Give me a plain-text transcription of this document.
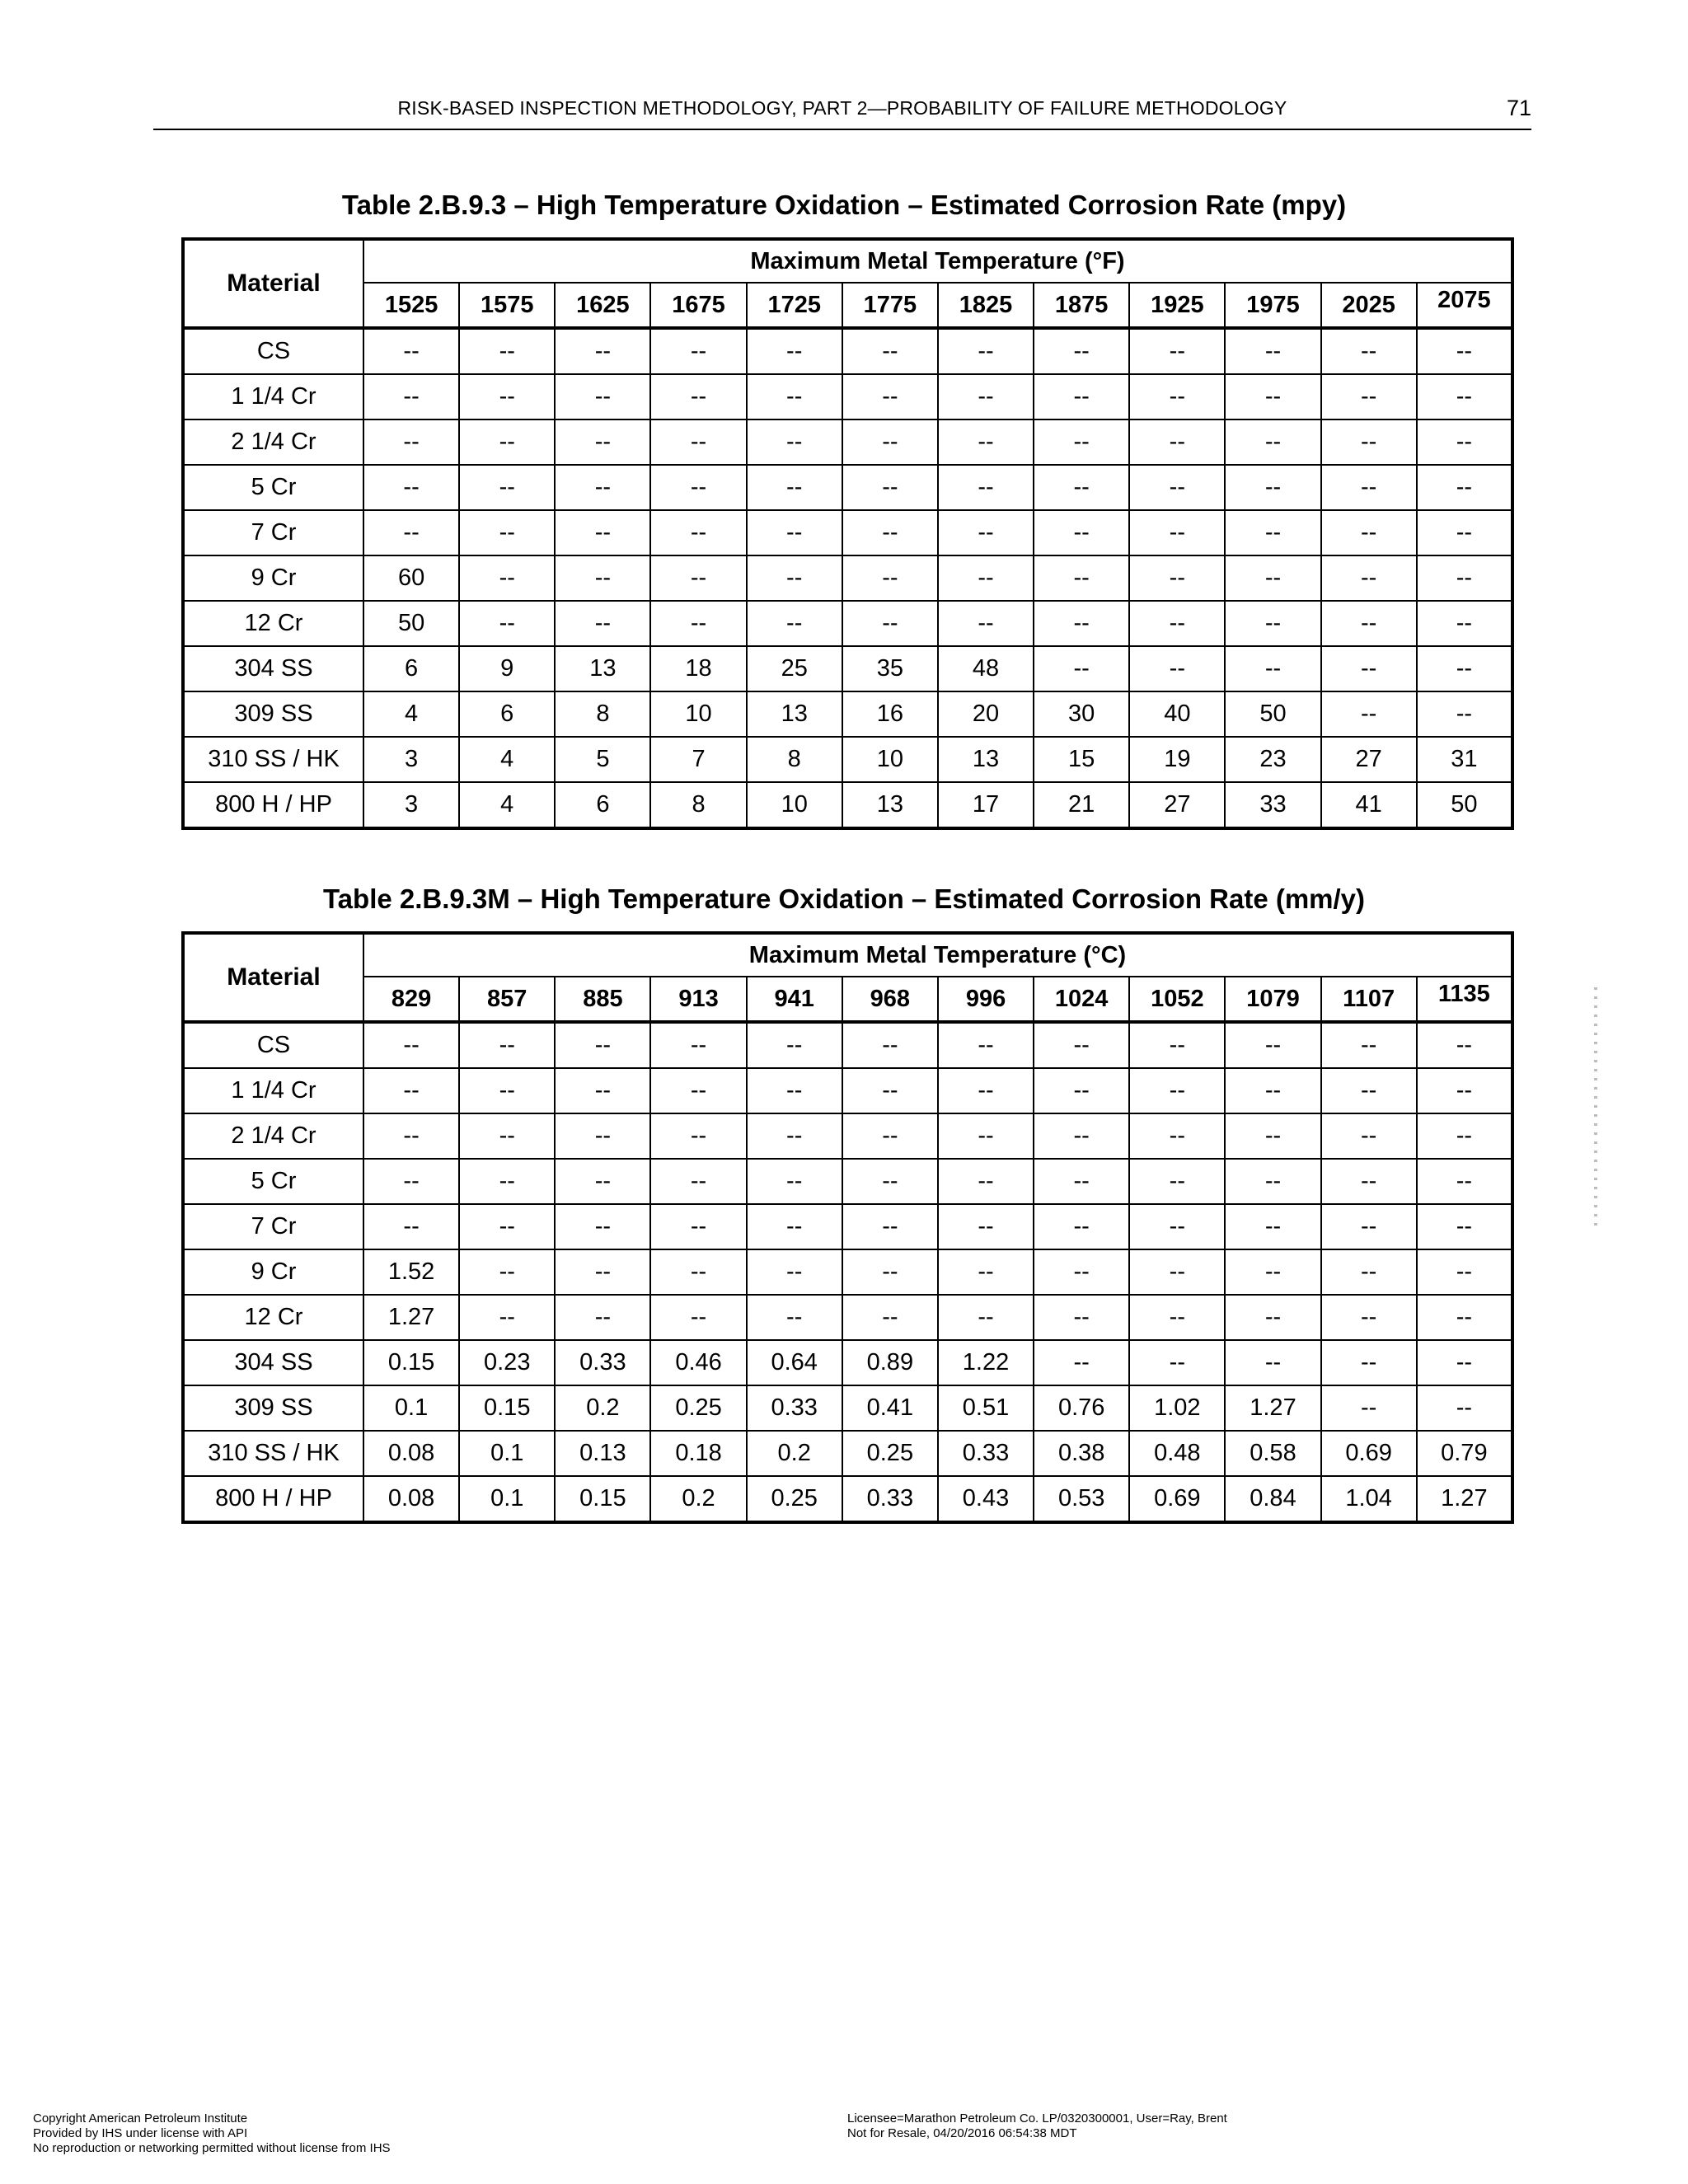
RISK-BASED INSPECTION METHODOLOGY, PART 2—PROBABILITY OF FAILURE METHODOLOGY	71
Table 2.B.9.3 – High Temperature Oxidation – Estimated Corrosion Rate (mpy)
Material	Maximum Metal Temperature (°F)											
	1525	1575	1625	1675	1725	1775	1825	1875	1925	1975	2025	2075
CS	--	--	--	--	--	--	--	--	--	--	--	--
1 1/4 Cr	--	--	--	--	--	--	--	--	--	--	--	--
2 1/4 Cr	--	--	--	--	--	--	--	--	--	--	--	--
5 Cr	--	--	--	--	--	--	--	--	--	--	--	--
7 Cr	--	--	--	--	--	--	--	--	--	--	--	--
9 Cr	60	--	--	--	--	--	--	--	--	--	--	--
12 Cr	50	--	--	--	--	--	--	--	--	--	--	--
304 SS	6	9	13	18	25	35	48	--	--	--	--	--
309 SS	4	6	8	10	13	16	20	30	40	50	--	--
310 SS / HK	3	4	5	7	8	10	13	15	19	23	27	31
800 H / HP	3	4	6	8	10	13	17	21	27	33	41	50
Table 2.B.9.3M – High Temperature Oxidation – Estimated Corrosion Rate (mm/y)
Material	Maximum Metal Temperature (°C)											
	829	857	885	913	941	968	996	1024	1052	1079	1107	1135
CS	--	--	--	--	--	--	--	--	--	--	--	--
1 1/4 Cr	--	--	--	--	--	--	--	--	--	--	--	--
2 1/4 Cr	--	--	--	--	--	--	--	--	--	--	--	--
5 Cr	--	--	--	--	--	--	--	--	--	--	--	--
7 Cr	--	--	--	--	--	--	--	--	--	--	--	--
9 Cr	1.52	--	--	--	--	--	--	--	--	--	--	--
12 Cr	1.27	--	--	--	--	--	--	--	--	--	--	--
304 SS	0.15	0.23	0.33	0.46	0.64	0.89	1.22	--	--	--	--	--
309 SS	0.1	0.15	0.2	0.25	0.33	0.41	0.51	0.76	1.02	1.27	--	--
310 SS / HK	0.08	0.1	0.13	0.18	0.2	0.25	0.33	0.38	0.48	0.58	0.69	0.79
800 H / HP	0.08	0.1	0.15	0.2	0.25	0.33	0.43	0.53	0.69	0.84	1.04	1.27
Copyright American Petroleum Institute
Provided by IHS under license with API
No reproduction or networking permitted without license from IHS
Licensee=Marathon Petroleum Co. LP/0320300001, User=Ray, Brent
Not for Resale, 04/20/2016 06:54:38 MDT
